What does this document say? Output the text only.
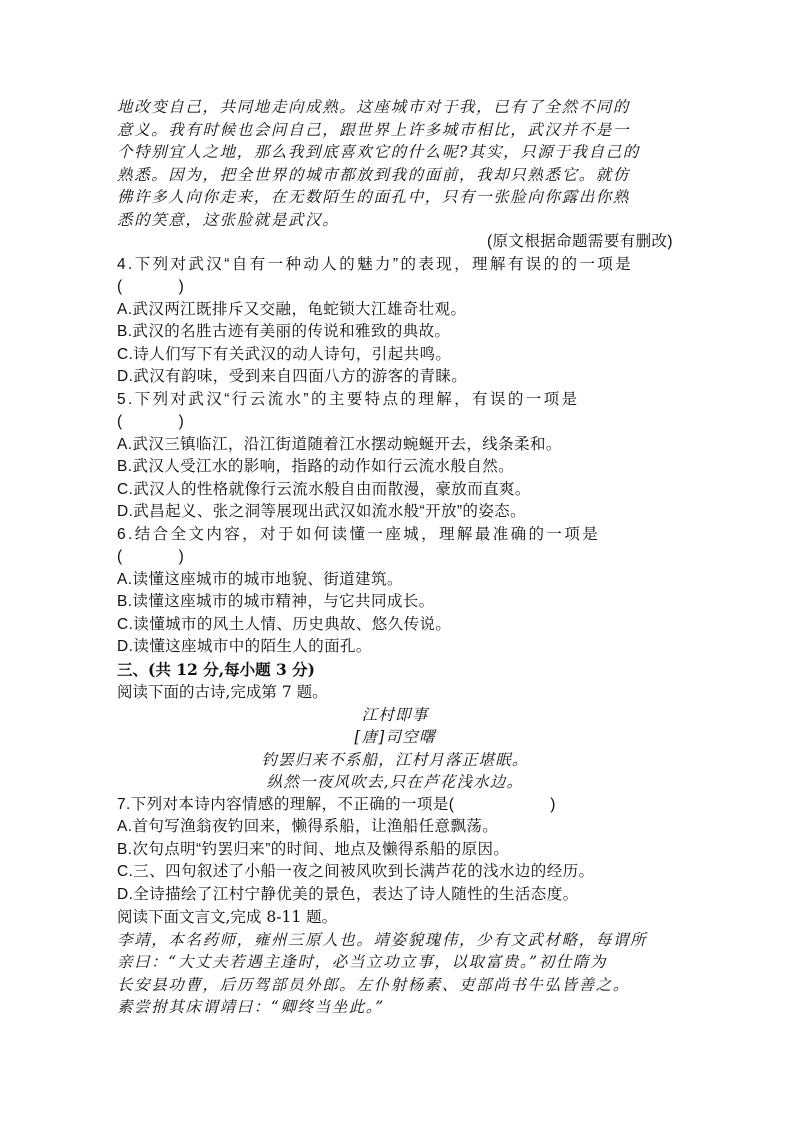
地改变自己，共同地走向成熟。这座城市对于我，已有了全然不同的
意义。我有时候也会问自己，跟世界上许多城市相比，武汉并不是一
个特别宜人之地，那么我到底喜欢它的什么呢?其实，只源于我自己的
熟悉。因为，把全世界的城市都放到我的面前，我却只熟悉它。就仿
佛许多人向你走来，在无数陌生的面孔中，只有一张脸向你露出你熟
悉的笑意，这张脸就是武汉。
(原文根据命题需要有删改)
4.下列对武汉“自有一种动人的魅力”的表现，理解有误的的一项是
(	)
A.武汉两江既排斥又交融，龟蛇锁大江雄奇壮观。
B.武汉的名胜古迹有美丽的传说和雅致的典故。
C.诗人们写下有关武汉的动人诗句，引起共鸣。
D.武汉有韵味，受到来自四面八方的游客的青睐。
5.下列对武汉“行云流水”的主要特点的理解，有误的一项是
(	)
A.武汉三镇临江，沿江街道随着江水摆动蜿蜒开去，线条柔和。
B.武汉人受江水的影响，指路的动作如行云流水般自然。
C.武汉人的性格就像行云流水般自由而散漫，豪放而直爽。
D.武昌起义、张之洞等展现出武汉如流水般“开放”的姿态。
6.结合全文内容，对于如何读懂一座城，理解最准确的一项是
(	)
A.读懂这座城市的城市地貌、街道建筑。
B.读懂这座城市的城市精神，与它共同成长。
C.读懂城市的风土人情、历史典故、悠久传说。
D.读懂这座城市中的陌生人的面孔。
三、(共 12 分,每小题 3 分)
阅读下面的古诗,完成第 7 题。
江村即事
[唐]司空曙
钓罢归来不系船，江村月落正堪眠。
纵然一夜风吹去,只在芦花浅水边。
7.下列对本诗内容情感的理解，不正确的一项是(	)
A.首句写渔翁夜钓回来，懒得系船，让渔船任意飘荡。
B.次句点明“钓罢归来”的时间、地点及懒得系船的原因。
C.三、四句叙述了小船一夜之间被风吹到长满芦花的浅水边的经历。
D.全诗描绘了江村宁静优美的景色，表达了诗人随性的生活态度。
阅读下面文言文,完成 8-11 题。
李靖，本名药师，雍州三原人也。靖姿貌瑰伟，少有文武材略，每谓所
亲曰：“大丈夫若遇主逢时，必当立功立事，以取富贵。”初仕隋为
长安县功曹，后历驾部员外郎。左仆射杨素、吏部尚书牛弘皆善之。
素尝拊其床谓靖曰：“卿终当坐此。”
